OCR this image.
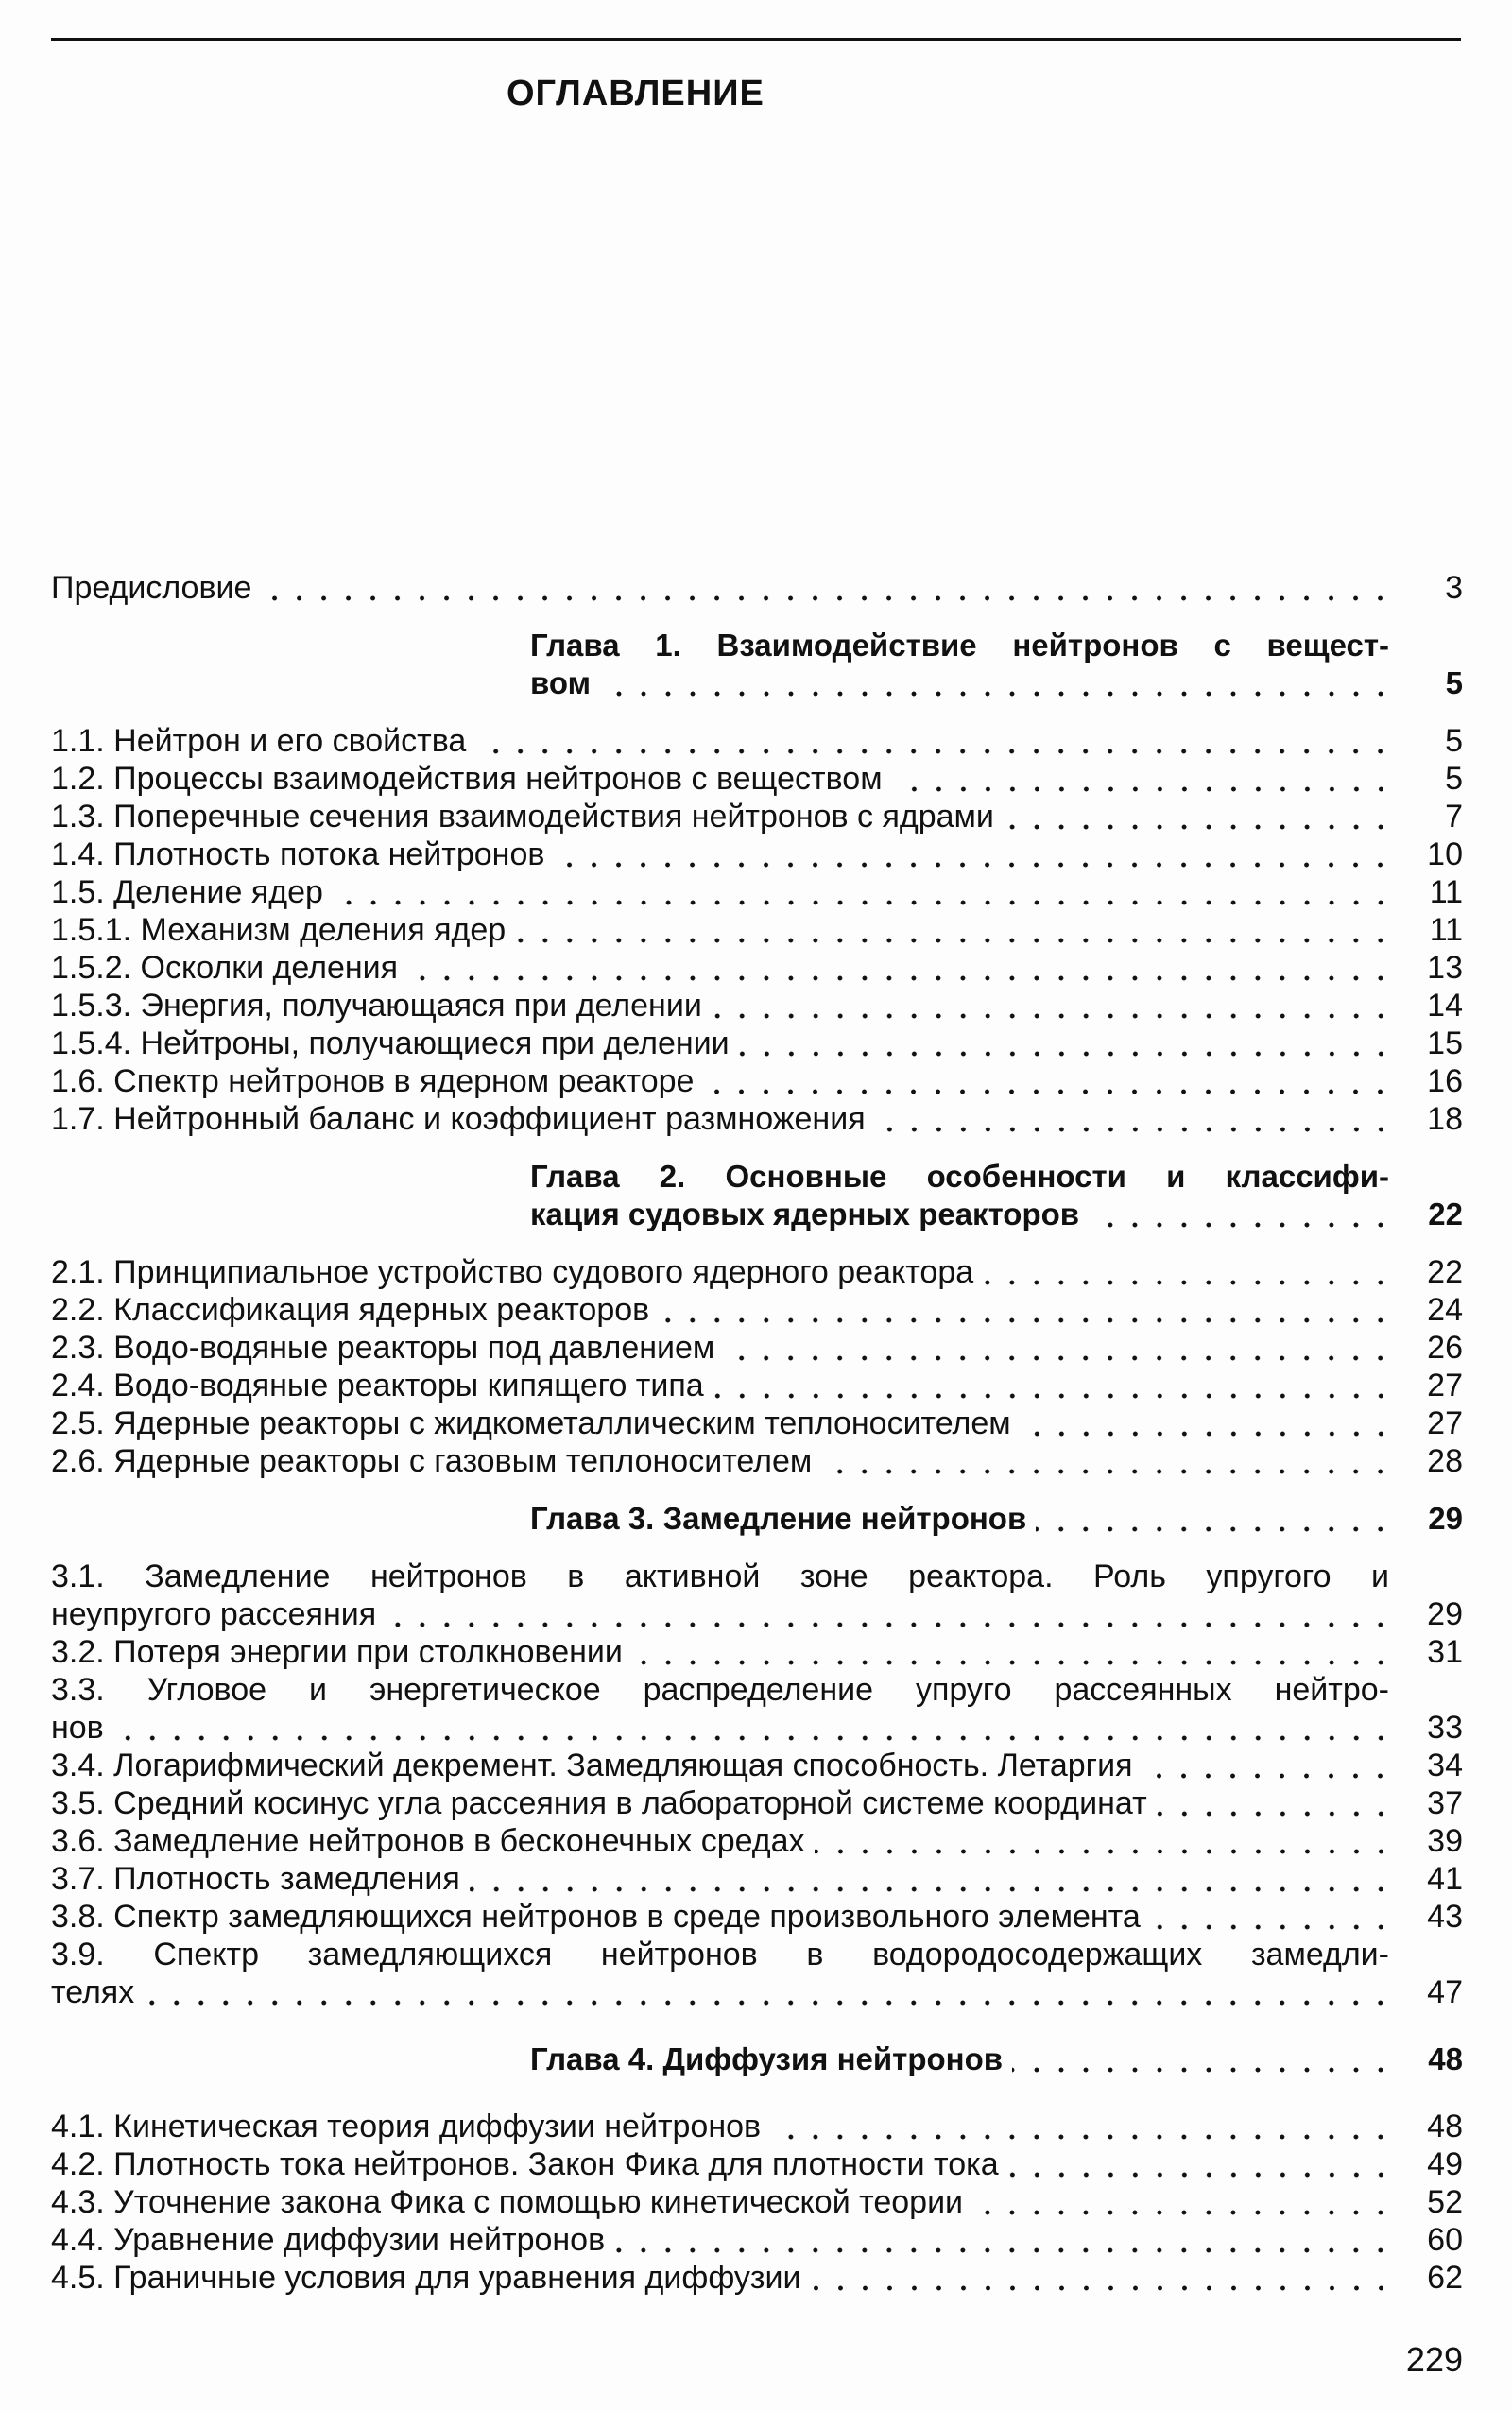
ОГЛАВЛЕНИЕ
Предисловие	3
Глава 1. Взаимодействие нейтронов с вещест-
вом	5
1.1. Нейтрон и его свойства	5
1.2. Процессы взаимодействия нейтронов с веществом	5
1.3. Поперечные сечения взаимодействия нейтронов с ядрами	7
1.4. Плотность потока нейтронов	10
1.5. Деление ядер	11
1.5.1. Механизм деления ядер	11
1.5.2. Осколки деления	13
1.5.3. Энергия, получающаяся при делении	14
1.5.4. Нейтроны, получающиеся при делении	15
1.6. Спектр нейтронов в ядерном реакторе	16
1.7. Нейтронный баланс и коэффициент размножения	18
Глава 2. Основные особенности и классифи-
кация судовых ядерных реакторов	22
2.1. Принципиальное устройство судового ядерного реактора	22
2.2. Классификация ядерных реакторов	24
2.3. Водо-водяные реакторы под давлением	26
2.4. Водо-водяные реакторы кипящего типа	27
2.5. Ядерные реакторы с жидкометаллическим теплоносителем	27
2.6. Ядерные реакторы с газовым теплоносителем	28
Глава 3. Замедление нейтронов	29
3.1. Замедление нейтронов в активной зоне реактора. Роль упругого и
неупругого рассеяния	29
3.2. Потеря энергии при столкновении	31
3.3. Угловое и энергетическое распределение упруго рассеянных нейтро-
нов	33
3.4. Логарифмический декремент. Замедляющая способность. Летаргия	34
3.5. Средний косинус угла рассеяния в лабораторной системе координат	37
3.6. Замедление нейтронов в бесконечных средах	39
3.7. Плотность замедления	41
3.8. Спектр замедляющихся нейтронов в среде произвольного элемента	43
3.9. Спектр замедляющихся нейтронов в водородосодержащих замедли-
телях	47
Глава 4. Диффузия нейтронов	48
4.1. Кинетическая теория диффузии нейтронов	48
4.2. Плотность тока нейтронов. Закон Фика для плотности тока	49
4.3. Уточнение закона Фика с помощью кинетической теории	52
4.4. Уравнение диффузии нейтронов	60
4.5. Граничные условия для уравнения диффузии	62
229
